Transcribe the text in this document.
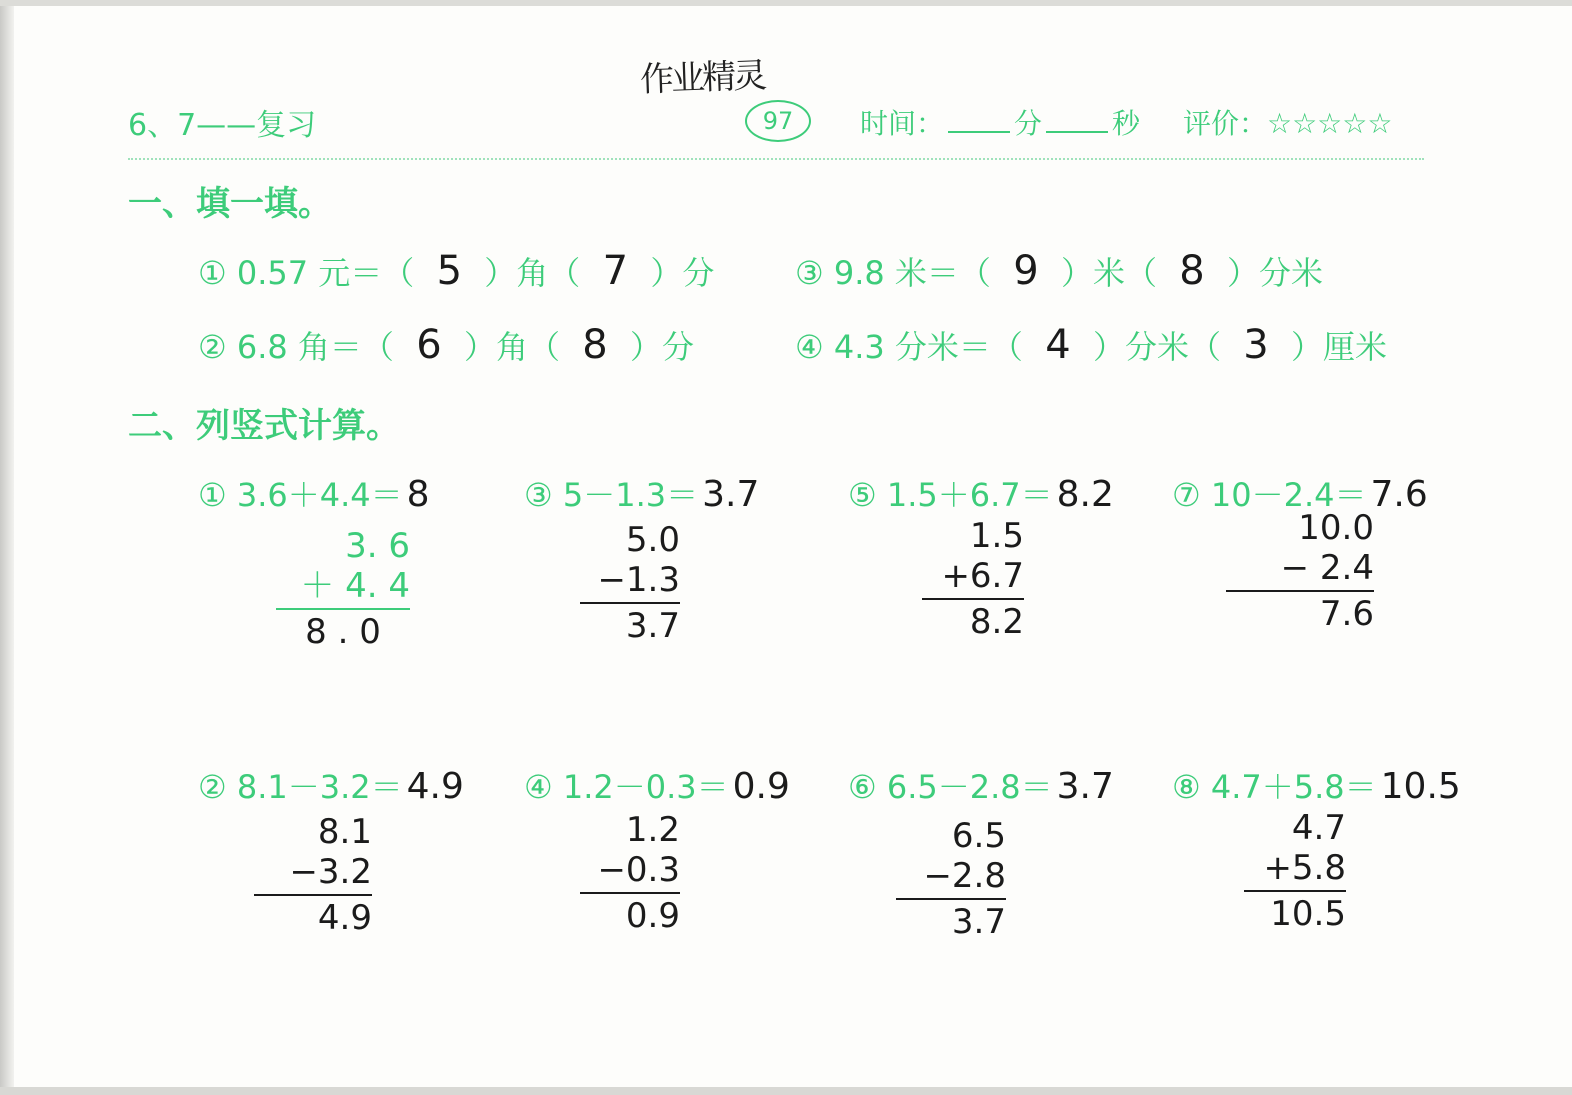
作业精灵
6、7——复习	97	时间：	分	秒 评价：☆☆☆☆☆
一、填一填。
① 0.57 元＝（ 5 ）角（ 7 ）分
② 6.8 角＝（ 6 ）角（ 8 ）分
③ 9.8 米＝（ 9 ）米（ 8 ）分米
④ 4.3 分米＝（ 4 ）分米（ 3 ）厘米
二、列竖式计算。
① 3.6＋4.4＝ 8	③ 5－1.3＝ 3.7	⑤ 1.5＋6.7＝ 8.2 ⑦ 10－2.4＝ 7.6
3. 6
＋ 4. 4
8 . 0
5.0
−1.3
3.7
1.5
+6.7
8.2
10.0
− 2.4
7.6
② 8.1－3.2＝ 4.9 ④ 1.2－0.3＝ 0.9 ⑥ 6.5－2.8＝ 3.7 ⑧ 4.7＋5.8＝ 10.5
8.1
−3.2
4.9
1.2
−0.3
0.9
6.5
−2.8
3.7
4.7
+5.8
10.5
